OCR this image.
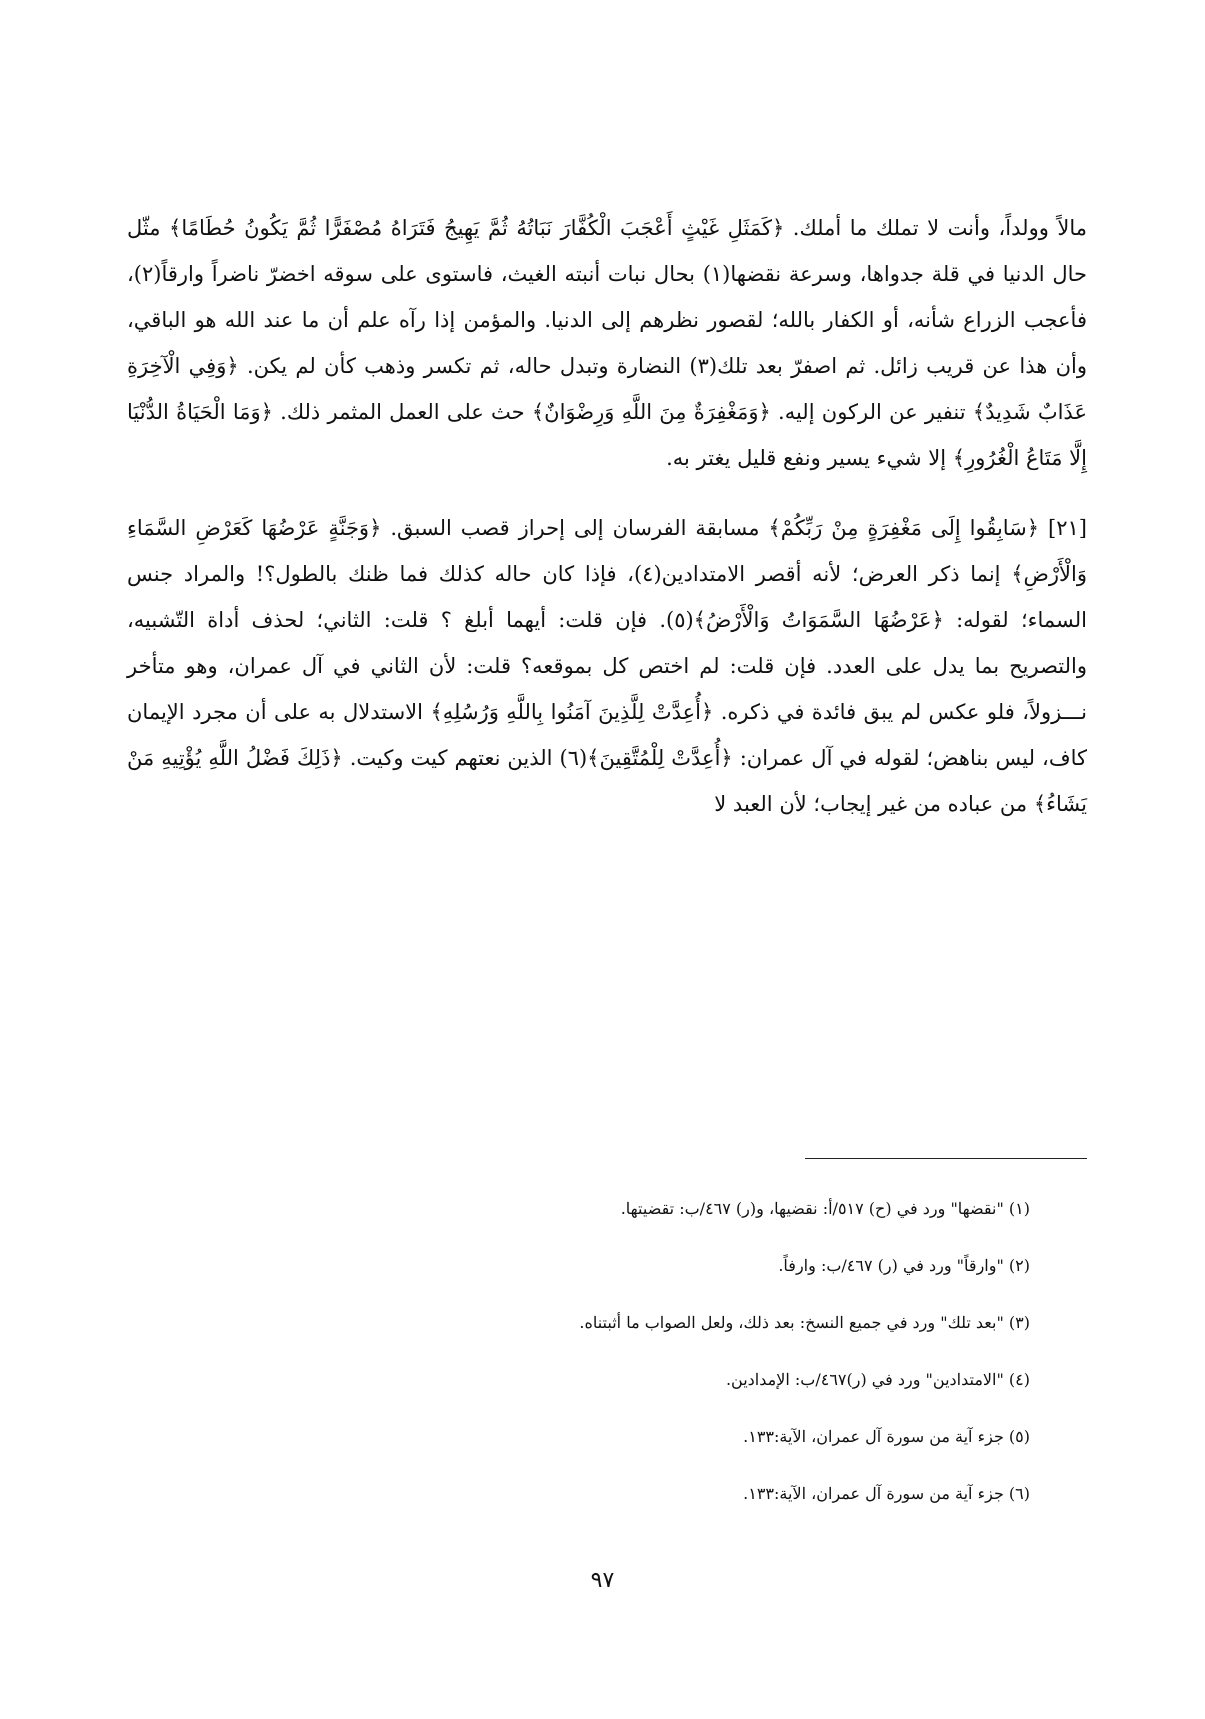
مالاً وولداً، وأنت لا تملك ما أملك. ﴿كَمَثَلِ غَيْثٍ أَعْجَبَ الْكُفَّارَ نَبَاتُهُ ثُمَّ يَهِيجُ فَتَرَاهُ مُصْفَرًّا ثُمَّ يَكُونُ حُطَامًا﴾ مثّل حال الدنيا في قلة جدواها، وسرعة نقضها(١) بحال نبات أنبته الغيث، فاستوى على سوقه اخضرّ ناضراً وارقاً(٢)، فأعجب الزراع شأنه، أو الكفار بالله؛ لقصور نظرهم إلى الدنيا. والمؤمن إذا رآه علم أن ما عند الله هو الباقي، وأن هذا عن قريب زائل. ثم اصفرّ بعد تلك(٣) النضارة وتبدل حاله، ثم تكسر وذهب كأن لم يكن. ﴿وَفِي الْآخِرَةِ عَذَابٌ شَدِيدٌ﴾ تنفير عن الركون إليه. ﴿وَمَغْفِرَةٌ مِنَ اللَّهِ وَرِضْوَانٌ﴾ حث على العمل المثمر ذلك. ﴿وَمَا الْحَيَاةُ الدُّنْيَا إِلَّا مَتَاعُ الْغُرُورِ﴾ إلا شيء يسير ونفع قليل يغتر به.

[٢١] ﴿سَابِقُوا إِلَى مَغْفِرَةٍ مِنْ رَبِّكُمْ﴾ مسابقة الفرسان إلى إحراز قصب السبق. ﴿وَجَنَّةٍ عَرْضُهَا كَعَرْضِ السَّمَاءِ وَالْأَرْضِ﴾ إنما ذكر العرض؛ لأنه أقصر الامتدادين(٤)، فإذا كان حاله كذلك فما ظنك بالطول؟! والمراد جنس السماء؛ لقوله: ﴿عَرْضُهَا السَّمَوَاتُ وَالْأَرْضُ﴾(٥). فإن قلت: أيهما أبلغ ؟ قلت: الثاني؛ لحذف أداة التّشبيه، والتصريح بما يدل على العدد. فإن قلت: لم اختص كل بموقعه؟ قلت: لأن الثاني في آل عمران، وهو متأخر نـــزولاً، فلو عكس لم يبق فائدة في ذكره. ﴿أُعِدَّتْ لِلَّذِينَ آمَنُوا بِاللَّهِ وَرُسُلِهِ﴾ الاستدلال به على أن مجرد الإيمان كاف، ليس بناهض؛ لقوله في آل عمران: ﴿أُعِدَّتْ لِلْمُتَّقِينَ﴾(٦) الذين نعتهم كيت وكيت. ﴿ذَلِكَ فَضْلُ اللَّهِ يُؤْتِيهِ مَنْ يَشَاءُ﴾ من عباده من غير إيجاب؛ لأن العبد لا

(١) "نقضها" ورد في (ح) ٥١٧/أ: نقضيها، و(ر) ٤٦٧/ب: تقضيتها.

(٢) "وارقاً" ورد في (ر) ٤٦٧/ب: وارفاً.

(٣) "بعد تلك" ورد في جميع النسخ: بعد ذلك، ولعل الصواب ما أثبتناه.

(٤) "الامتدادين" ورد في (ر)٤٦٧/ب: الإمدادين.

(٥) جزء آية من سورة آل عمران، الآية:١٣٣.

(٦) جزء آية من سورة آل عمران، الآية:١٣٣.

٩٧
